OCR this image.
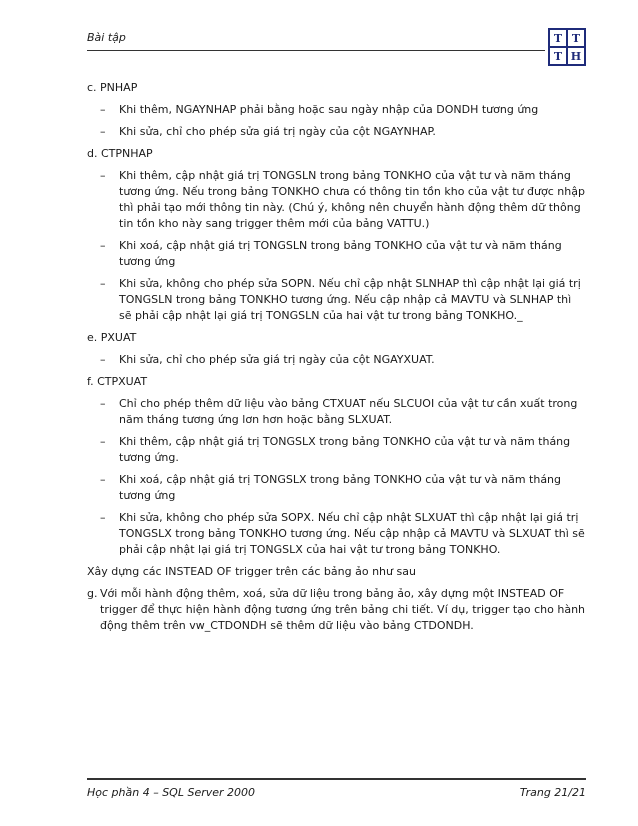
Bài tập	T T
T H
c. PNHAP
– Khi thêm, NGAYNHAP phải bằng hoặc sau ngày nhập của DONDH tương ứng
– Khi sửa, chỉ cho phép sửa giá trị ngày của cột NGAYNHAP.
d. CTPNHAP
– Khi thêm, cập nhật giá trị TONGSLN trong bảng TONKHO của vật tư và năm tháng tương ứng. Nếu trong bảng TONKHO chưa có thông tin tồn kho của vật tư được nhập thì phải tạo mới thông tin này. (Chú ý, không nên chuyển hành động thêm dữ thông tin tồn kho này sang trigger thêm mới của bảng VATTU.)
– Khi xoá, cập nhật giá trị TONGSLN trong bảng TONKHO của vật tư và năm tháng tương ứng
– Khi sửa, không cho phép sửa SOPN. Nếu chỉ cập nhật SLNHAP thì cập nhật lại giá trị TONGSLN trong bảng TONKHO tương ứng. Nếu cập nhập cả MAVTU và SLNHAP thì sẽ phải cập nhật lại giá trị TONGSLN của hai vật tư trong bảng TONKHO._
e. PXUAT
– Khi sửa, chỉ cho phép sửa giá trị ngày của cột NGAYXUAT.
f. CTPXUAT
– Chỉ cho phép thêm dữ liệu vào bảng CTXUAT nếu SLCUOI của vật tư cần xuất trong năm tháng tương ứng lơn hơn hoặc bằng SLXUAT.
– Khi thêm, cập nhật giá trị TONGSLX trong bảng TONKHO của vật tư và năm tháng tương ứng.
– Khi xoá, cập nhật giá trị TONGSLX trong bảng TONKHO của vật tư và năm tháng tương ứng
– Khi sửa, không cho phép sửa SOPX. Nếu chỉ cập nhật SLXUAT thì cập nhật lại giá trị TONGSLX trong bảng TONKHO tương ứng. Nếu cập nhập cả MAVTU và SLXUAT thì sẽ phải cập nhật lại giá trị TONGSLX của hai vật tư trong bảng TONKHO.
Xây dựng các INSTEAD OF trigger trên các bảng ảo như sau
g. Với mỗi hành động thêm, xoá, sửa dữ liệu trong bảng ảo, xây dựng một INSTEAD OF trigger để thực hiện hành động tương ứng trên bảng chi tiết. Ví dụ, trigger tạo cho hành động thêm trên vw_CTDONDH sẽ thêm dữ liệu vào bảng CTDONDH.
Học phần 4 – SQL Server 2000	Trang 21/21
